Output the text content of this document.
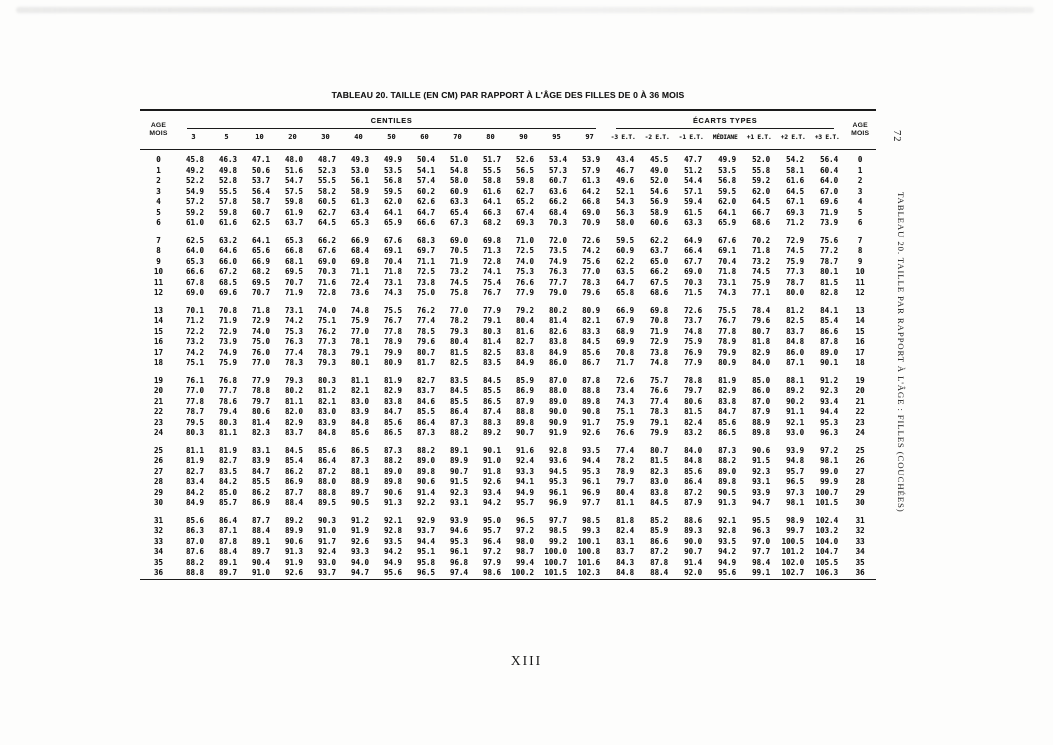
TABLEAU 20. TAILLE (EN CM) PAR RAPPORT À L'ÂGE DES FILLES DE 0 À 36 MOIS
AGE
MOIS

CENTILES	ÉCARTS TYPES

AGE
MOIS

	3	5	10	20	30	40	50	60	70	80	90	95	97	-3 E.T.	-2 E.T.	-1 E.T.	MÉDIANE	+1 E.T.	+2 E.T.	+3 E.T.	

0	45.8	46.3	47.1	48.0	48.7	49.3	49.9	50.4	51.0	51.7	52.6	53.4	53.9	43.4	45.5	47.7	49.9	52.0	54.2	56.4	0
1	49.2	49.8	50.6	51.6	52.3	53.0	53.5	54.1	54.8	55.5	56.5	57.3	57.9	46.7	49.0	51.2	53.5	55.8	58.1	60.4	1
2	52.2	52.8	53.7	54.7	55.5	56.1	56.8	57.4	58.0	58.8	59.8	60.7	61.3	49.6	52.0	54.4	56.8	59.2	61.6	64.0	2
3	54.9	55.5	56.4	57.5	58.2	58.9	59.5	60.2	60.9	61.6	62.7	63.6	64.2	52.1	54.6	57.1	59.5	62.0	64.5	67.0	3
4	57.2	57.8	58.7	59.8	60.5	61.3	62.0	62.6	63.3	64.1	65.2	66.2	66.8	54.3	56.9	59.4	62.0	64.5	67.1	69.6	4
5	59.2	59.8	60.7	61.9	62.7	63.4	64.1	64.7	65.4	66.3	67.4	68.4	69.0	56.3	58.9	61.5	64.1	66.7	69.3	71.9	5
6	61.0	61.6	62.5	63.7	64.5	65.3	65.9	66.6	67.3	68.2	69.3	70.3	70.9	58.0	60.6	63.3	65.9	68.6	71.2	73.9	6

7	62.5	63.2	64.1	65.3	66.2	66.9	67.6	68.3	69.0	69.8	71.0	72.0	72.6	59.5	62.2	64.9	67.6	70.2	72.9	75.6	7
8	64.0	64.6	65.6	66.8	67.6	68.4	69.1	69.7	70.5	71.3	72.5	73.5	74.2	60.9	63.7	66.4	69.1	71.8	74.5	77.2	8
9	65.3	66.0	66.9	68.1	69.0	69.8	70.4	71.1	71.9	72.8	74.0	74.9	75.6	62.2	65.0	67.7	70.4	73.2	75.9	78.7	9
10	66.6	67.2	68.2	69.5	70.3	71.1	71.8	72.5	73.2	74.1	75.3	76.3	77.0	63.5	66.2	69.0	71.8	74.5	77.3	80.1	10
11	67.8	68.5	69.5	70.7	71.6	72.4	73.1	73.8	74.5	75.4	76.6	77.7	78.3	64.7	67.5	70.3	73.1	75.9	78.7	81.5	11
12	69.0	69.6	70.7	71.9	72.8	73.6	74.3	75.0	75.8	76.7	77.9	79.0	79.6	65.8	68.6	71.5	74.3	77.1	80.0	82.8	12

13	70.1	70.8	71.8	73.1	74.0	74.8	75.5	76.2	77.0	77.9	79.2	80.2	80.9	66.9	69.8	72.6	75.5	78.4	81.2	84.1	13
14	71.2	71.9	72.9	74.2	75.1	75.9	76.7	77.4	78.2	79.1	80.4	81.4	82.1	67.9	70.8	73.7	76.7	79.6	82.5	85.4	14
15	72.2	72.9	74.0	75.3	76.2	77.0	77.8	78.5	79.3	80.3	81.6	82.6	83.3	68.9	71.9	74.8	77.8	80.7	83.7	86.6	15
16	73.2	73.9	75.0	76.3	77.3	78.1	78.9	79.6	80.4	81.4	82.7	83.8	84.5	69.9	72.9	75.9	78.9	81.8	84.8	87.8	16
17	74.2	74.9	76.0	77.4	78.3	79.1	79.9	80.7	81.5	82.5	83.8	84.9	85.6	70.8	73.8	76.9	79.9	82.9	86.0	89.0	17
18	75.1	75.9	77.0	78.3	79.3	80.1	80.9	81.7	82.5	83.5	84.9	86.0	86.7	71.7	74.8	77.9	80.9	84.0	87.1	90.1	18

19	76.1	76.8	77.9	79.3	80.3	81.1	81.9	82.7	83.5	84.5	85.9	87.0	87.8	72.6	75.7	78.8	81.9	85.0	88.1	91.2	19
20	77.0	77.7	78.8	80.2	81.2	82.1	82.9	83.7	84.5	85.5	86.9	88.0	88.8	73.4	76.6	79.7	82.9	86.0	89.2	92.3	20
21	77.8	78.6	79.7	81.1	82.1	83.0	83.8	84.6	85.5	86.5	87.9	89.0	89.8	74.3	77.4	80.6	83.8	87.0	90.2	93.4	21
22	78.7	79.4	80.6	82.0	83.0	83.9	84.7	85.5	86.4	87.4	88.8	90.0	90.8	75.1	78.3	81.5	84.7	87.9	91.1	94.4	22
23	79.5	80.3	81.4	82.9	83.9	84.8	85.6	86.4	87.3	88.3	89.8	90.9	91.7	75.9	79.1	82.4	85.6	88.9	92.1	95.3	23
24	80.3	81.1	82.3	83.7	84.8	85.6	86.5	87.3	88.2	89.2	90.7	91.9	92.6	76.6	79.9	83.2	86.5	89.8	93.0	96.3	24

25	81.1	81.9	83.1	84.5	85.6	86.5	87.3	88.2	89.1	90.1	91.6	92.8	93.5	77.4	80.7	84.0	87.3	90.6	93.9	97.2	25
26	81.9	82.7	83.9	85.4	86.4	87.3	88.2	89.0	89.9	91.0	92.4	93.6	94.4	78.2	81.5	84.8	88.2	91.5	94.8	98.1	26
27	82.7	83.5	84.7	86.2	87.2	88.1	89.0	89.8	90.7	91.8	93.3	94.5	95.3	78.9	82.3	85.6	89.0	92.3	95.7	99.0	27
28	83.4	84.2	85.5	86.9	88.0	88.9	89.8	90.6	91.5	92.6	94.1	95.3	96.1	79.7	83.0	86.4	89.8	93.1	96.5	99.9	28
29	84.2	85.0	86.2	87.7	88.8	89.7	90.6	91.4	92.3	93.4	94.9	96.1	96.9	80.4	83.8	87.2	90.5	93.9	97.3	100.7	29
30	84.9	85.7	86.9	88.4	89.5	90.5	91.3	92.2	93.1	94.2	95.7	96.9	97.7	81.1	84.5	87.9	91.3	94.7	98.1	101.5	30

31	85.6	86.4	87.7	89.2	90.3	91.2	92.1	92.9	93.9	95.0	96.5	97.7	98.5	81.8	85.2	88.6	92.1	95.5	98.9	102.4	31
32	86.3	87.1	88.4	89.9	91.0	91.9	92.8	93.7	94.6	95.7	97.2	98.5	99.3	82.4	85.9	89.3	92.8	96.3	99.7	103.2	32
33	87.0	87.8	89.1	90.6	91.7	92.6	93.5	94.4	95.3	96.4	98.0	99.2	100.1	83.1	86.6	90.0	93.5	97.0	100.5	104.0	33
34	87.6	88.4	89.7	91.3	92.4	93.3	94.2	95.1	96.1	97.2	98.7	100.0	100.8	83.7	87.2	90.7	94.2	97.7	101.2	104.7	34
35	88.2	89.1	90.4	91.9	93.0	94.0	94.9	95.8	96.8	97.9	99.4	100.7	101.6	84.3	87.8	91.4	94.9	98.4	102.0	105.5	35
36	88.8	89.7	91.0	92.6	93.7	94.7	95.6	96.5	97.4	98.6	100.2	101.5	102.3	84.8	88.4	92.0	95.6	99.1	102.7	106.3	36
72
TABLEAU 20. TAILLE PAR RAPPORT À L'ÂGE : FILLES (COUCHÉES)
XIII
